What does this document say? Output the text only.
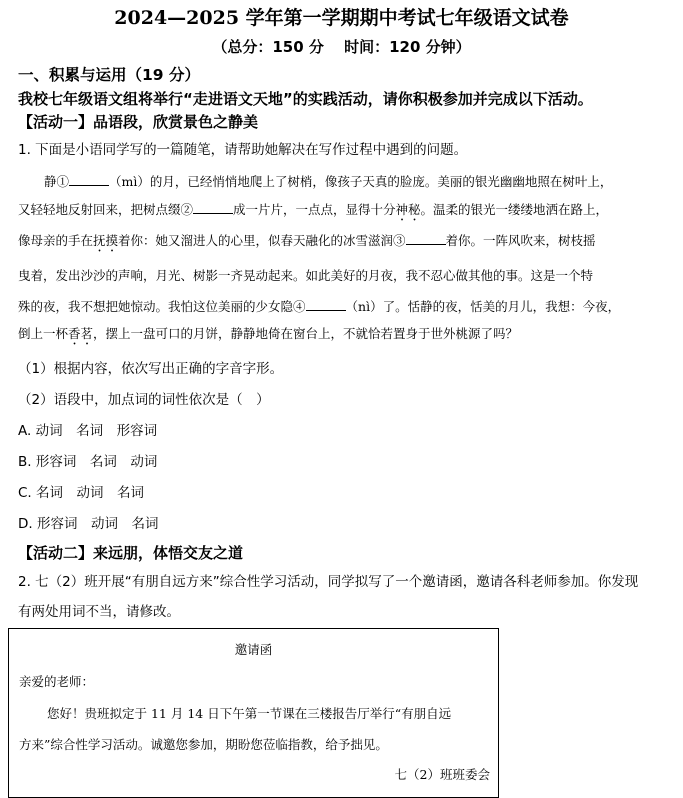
2024—2025 学年第一学期期中考试七年级语文试卷
（总分：150 分　 时间：120 分钟）
一、积累与运用（19 分）
我校七年级语文组将举行“走进语文天地”的实践活动，请你积极参加并完成以下活动。
【活动一】品语段，欣赏景色之静美
1. 下面是小语同学写的一篇随笔，请帮助她解决在写作过程中遇到的问题。
静①	（mì）的月，已经悄悄地爬上了树梢，像孩子天真的脸庞。美丽的银光幽幽地照在树叶上，
又轻轻地反射回来，把树点缀②	成一片片，一点点，显得十分神秘。温柔的银光一缕缕地洒在路上，
像母亲的手在抚摸着你：她又溜进人的心里，似春天融化的冰雪滋润③	着你。一阵风吹来，树枝摇
曳着，发出沙沙的声响，月光、树影一齐晃动起来。如此美好的月夜，我不忍心做其他的事。这是一个特
殊的夜，我不想把她惊动。我怕这位美丽的少女隐④	（nì）了。恬静的夜，恬美的月儿，我想：今夜，
倒上一杯香茗，摆上一盘可口的月饼，静静地倚在窗台上，不就恰若置身于世外桃源了吗？
（1）根据内容，依次写出正确的字音字形。
（2）语段中，加点词的词性依次是（　）
A. 动词　名词　形容词
B. 形容词　名词　动词
C. 名词　动词　名词
D. 形容词　动词　名词
【活动二】来远朋，体悟交友之道
2. 七（2）班开展“有朋自远方来”综合性学习活动，同学拟写了一个邀请函，邀请各科老师参加。你发现
有两处用词不当，请修改。
邀请函
亲爱的老师：
您好！贵班拟定于 11 月 14 日下午第一节课在三楼报告厅举行“有朋自远
方来”综合性学习活动。诚邀您参加，期盼您莅临指教，给予拙见。
七（2）班班委会
